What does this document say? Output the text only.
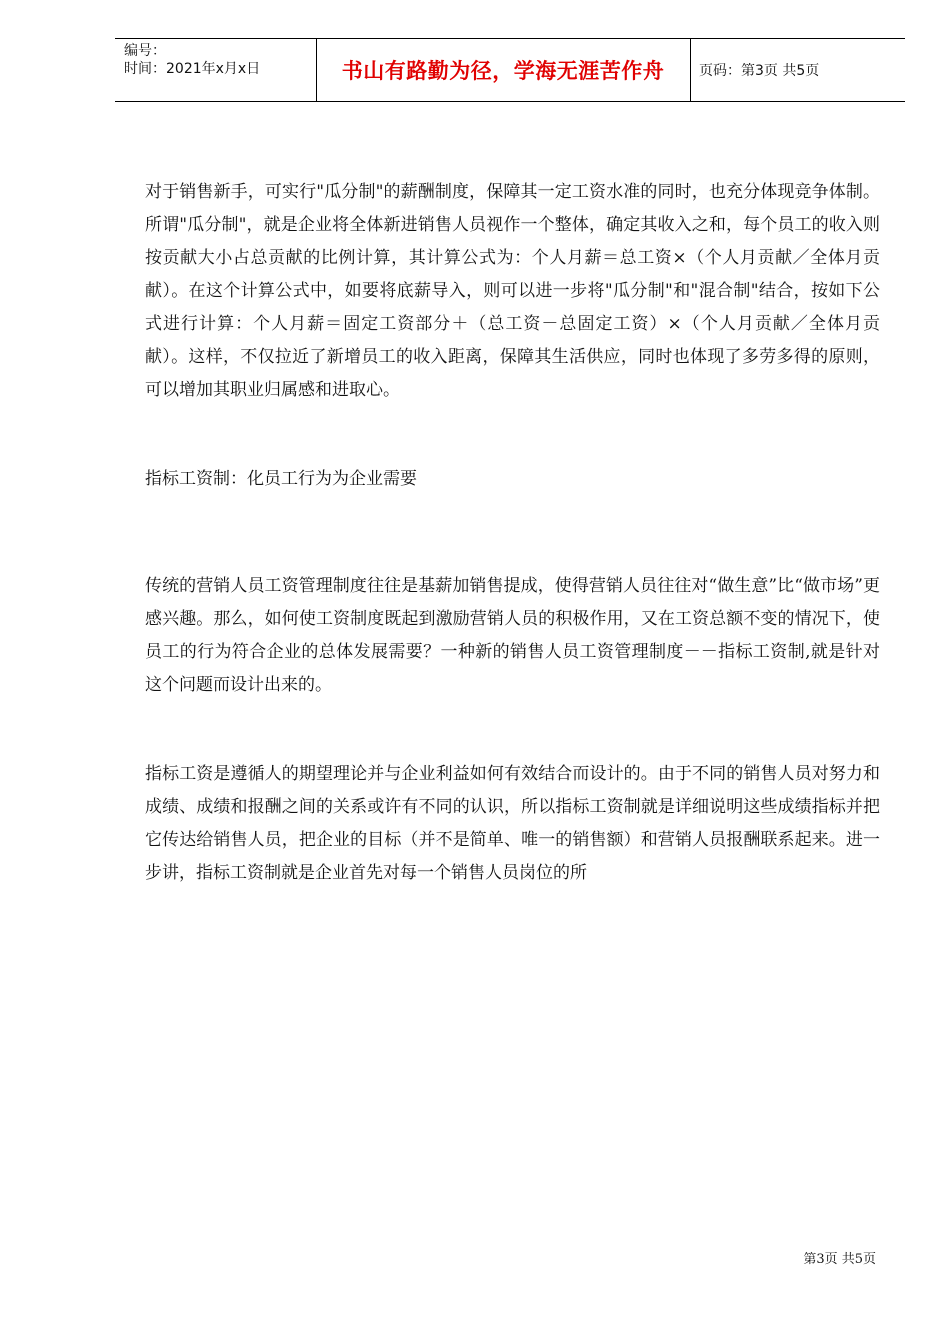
编号：
时间：2021年x月x日	书山有路勤为径，学海无涯苦作舟	页码：第3页 共5页

对于销售新手，可实行"瓜分制"的薪酬制度，保障其一定工资水准的同时，也充分体现竞争体制。所谓"瓜分制"，就是企业将全体新进销售人员视作一个整体，确定其收入之和，每个员工的收入则按贡献大小占总贡献的比例计算，其计算公式为：个人月薪＝总工资×（个人月贡献／全体月贡献）。在这个计算公式中，如要将底薪导入，则可以进一步将"瓜分制"和"混合制"结合，按如下公式进行计算：个人月薪＝固定工资部分＋（总工资－总固定工资）×（个人月贡献／全体月贡献）。这样，不仅拉近了新增员工的收入距离，保障其生活供应，同时也体现了多劳多得的原则，可以增加其职业归属感和进取心。

指标工资制：化员工行为为企业需要

传统的营销人员工资管理制度往往是基薪加销售提成，使得营销人员往往对“做生意”比“做市场”更感兴趣。那么，如何使工资制度既起到激励营销人员的积极作用，又在工资总额不变的情况下，使员工的行为符合企业的总体发展需要？一种新的销售人员工资管理制度－－指标工资制,就是针对这个问题而设计出来的。

指标工资是遵循人的期望理论并与企业利益如何有效结合而设计的。由于不同的销售人员对努力和成绩、成绩和报酬之间的关系或许有不同的认识，所以指标工资制就是详细说明这些成绩指标并把它传达给销售人员，把企业的目标（并不是简单、唯一的销售额）和营销人员报酬联系起来。进一步讲，指标工资制就是企业首先对每一个销售人员岗位的所

第3页 共5页
